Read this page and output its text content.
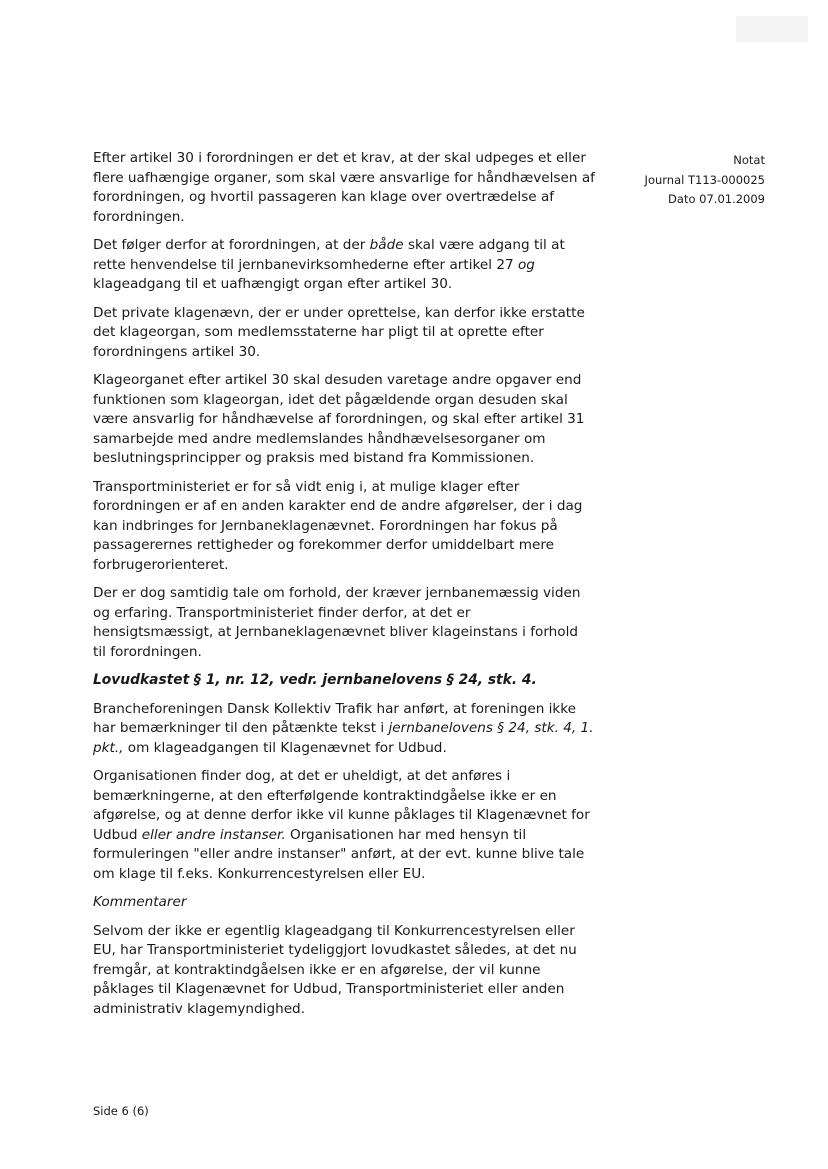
Notat
Journal T113-000025
Dato 07.01.2009

Efter artikel 30 i forordningen er det et krav, at der skal udpeges et eller flere uafhængige organer, som skal være ansvarlige for håndhævelsen af forordningen, og hvortil passageren kan klage over overtrædelse af forordningen.

Det følger derfor at forordningen, at der både skal være adgang til at rette henvendelse til jernbanevirksomhederne efter artikel 27 og klageadgang til et uafhængigt organ efter artikel 30.

Det private klagenævn, der er under oprettelse, kan derfor ikke erstatte det klageorgan, som medlemsstaterne har pligt til at oprette efter forordningens artikel 30.

Klageorganet efter artikel 30 skal desuden varetage andre opgaver end funktionen som klageorgan, idet det pågældende organ desuden skal være ansvarlig for håndhævelse af forordningen, og skal efter artikel 31 samarbejde med andre medlemslandes håndhævelsesorganer om beslutningsprincipper og praksis med bistand fra Kommissionen.

Transportministeriet er for så vidt enig i, at mulige klager efter forordningen er af en anden karakter end de andre afgørelser, der i dag kan indbringes for Jernbaneklagenævnet. Forordningen har fokus på passagerernes rettigheder og forekommer derfor umiddelbart mere forbrugerorienteret.

Der er dog samtidig tale om forhold, der kræver jernbanemæssig viden og erfaring. Transportministeriet finder derfor, at det er hensigtsmæssigt, at Jernbaneklagenævnet bliver klageinstans i forhold til forordningen.

Lovudkastet § 1, nr. 12, vedr. jernbanelovens § 24, stk. 4.

Brancheforeningen Dansk Kollektiv Trafik har anført, at foreningen ikke har bemærkninger til den påtænkte tekst i jernbanelovens § 24, stk. 4, 1. pkt., om klageadgangen til Klagenævnet for Udbud.

Organisationen finder dog, at det er uheldigt, at det anføres i bemærkningerne, at den efterfølgende kontraktindgåelse ikke er en afgørelse, og at denne derfor ikke vil kunne påklages til Klagenævnet for Udbud eller andre instanser. Organisationen har med hensyn til formuleringen "eller andre instanser" anført, at der evt. kunne blive tale om klage til f.eks. Konkurrencestyrelsen eller EU.

Kommentarer

Selvom der ikke er egentlig klageadgang til Konkurrencestyrelsen eller EU, har Transportministeriet tydeliggjort lovudkastet således, at det nu fremgår, at kontraktindgåelsen ikke er en afgørelse, der vil kunne påklages til Klagenævnet for Udbud, Transportministeriet eller anden administrativ klagemyndighed.

Side 6 (6)
